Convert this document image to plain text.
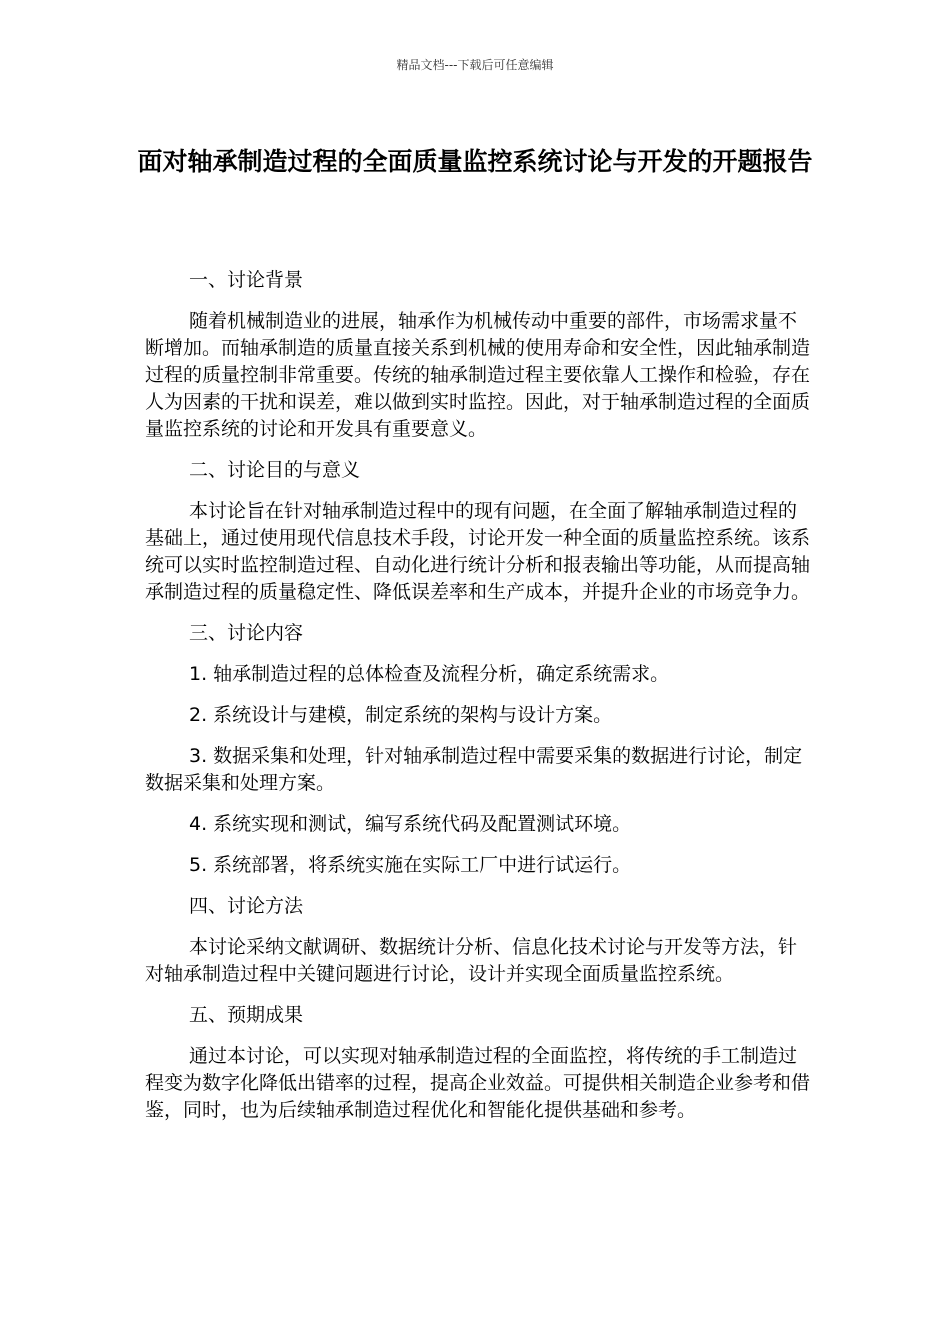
精品文档---下载后可任意编辑
面对轴承制造过程的全面质量监控系统讨论与开发的开题报告

一、讨论背景

随着机械制造业的进展，轴承作为机械传动中重要的部件，市场需求量不断增加。而轴承制造的质量直接关系到机械的使用寿命和安全性，因此轴承制造过程的质量控制非常重要。传统的轴承制造过程主要依靠人工操作和检验，存在人为因素的干扰和误差，难以做到实时监控。因此，对于轴承制造过程的全面质量监控系统的讨论和开发具有重要意义。

二、讨论目的与意义

本讨论旨在针对轴承制造过程中的现有问题，在全面了解轴承制造过程的基础上，通过使用现代信息技术手段，讨论开发一种全面的质量监控系统。该系统可以实时监控制造过程、自动化进行统计分析和报表输出等功能，从而提高轴承制造过程的质量稳定性、降低误差率和生产成本，并提升企业的市场竞争力。

三、讨论内容

1. 轴承制造过程的总体检查及流程分析，确定系统需求。

2. 系统设计与建模，制定系统的架构与设计方案。

3. 数据采集和处理，针对轴承制造过程中需要采集的数据进行讨论，制定数据采集和处理方案。

4. 系统实现和测试，编写系统代码及配置测试环境。

5. 系统部署，将系统实施在实际工厂中进行试运行。

四、讨论方法

本讨论采纳文献调研、数据统计分析、信息化技术讨论与开发等方法，针对轴承制造过程中关键问题进行讨论，设计并实现全面质量监控系统。

五、预期成果

通过本讨论，可以实现对轴承制造过程的全面监控，将传统的手工制造过程变为数字化降低出错率的过程，提高企业效益。可提供相关制造企业参考和借鉴，同时，也为后续轴承制造过程优化和智能化提供基础和参考。
